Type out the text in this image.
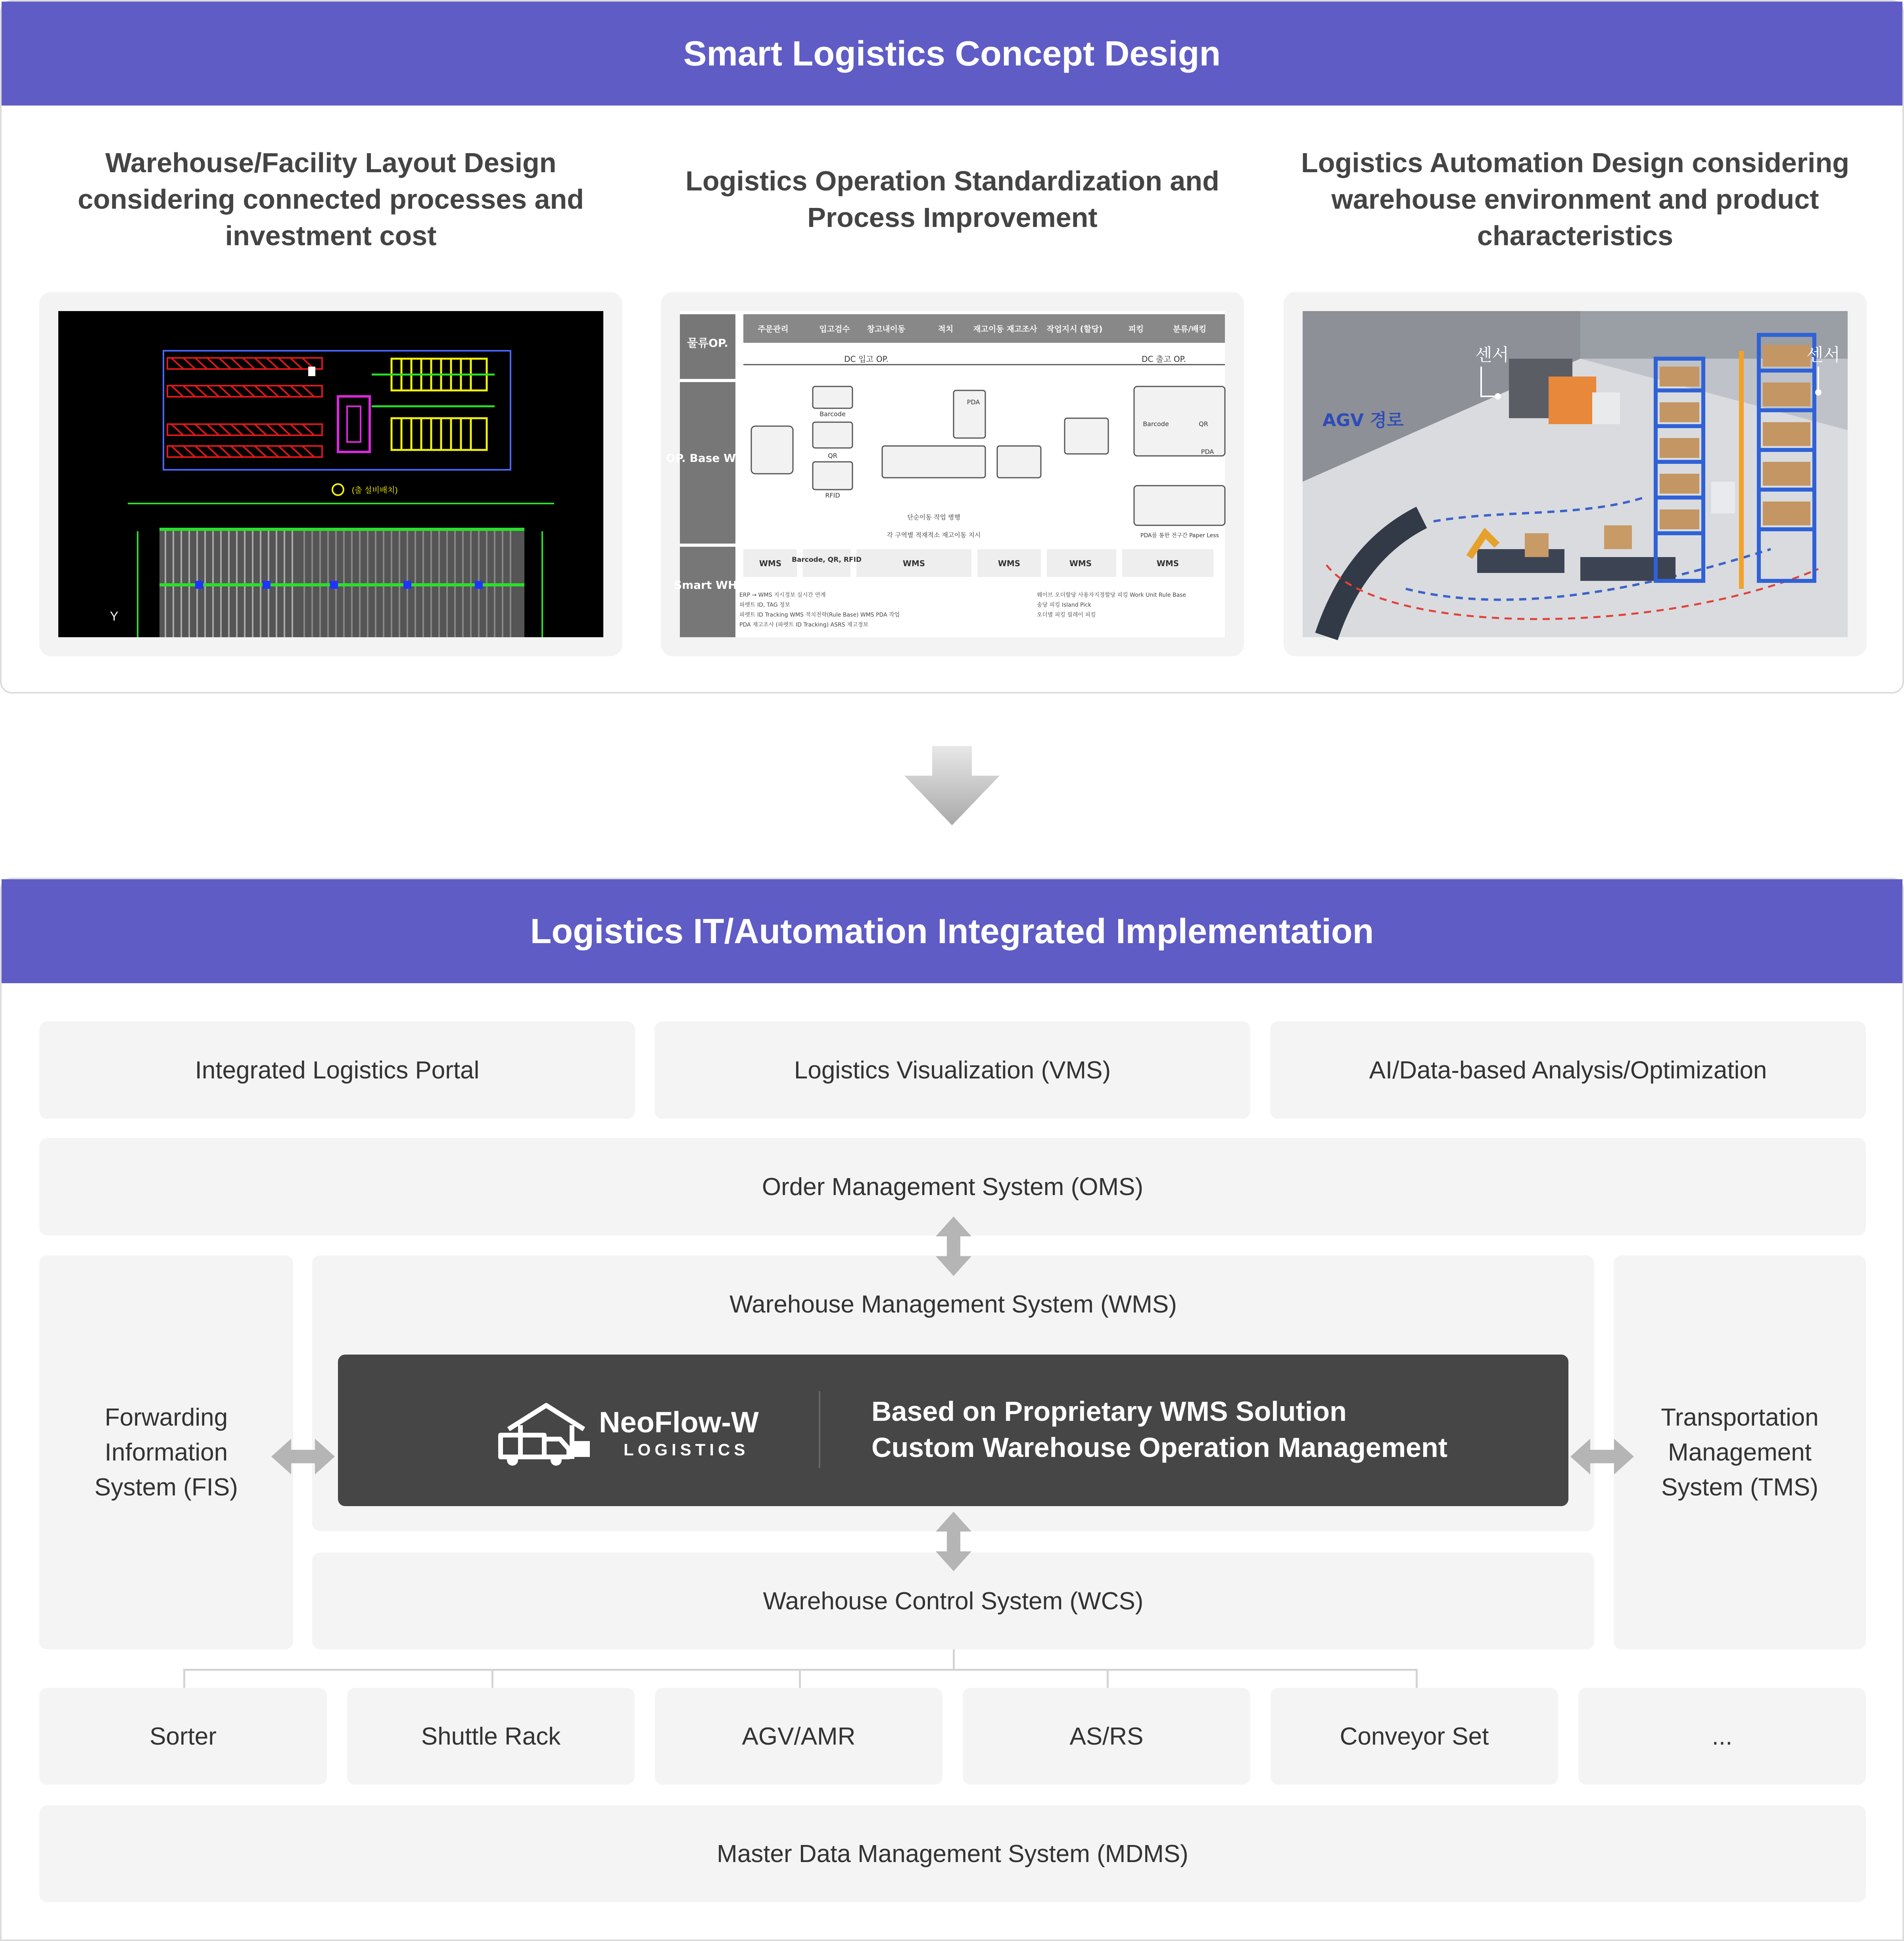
Smart Logistics Concept Design
Warehouse/Facility Layout Design considering connected processes and investment cost
Logistics Operation Standardization and Process Improvement
Logistics Automation Design considering warehouse environment and product characteristics
(출 설비배치)
Y
물류OP.
OP. Base WH.
Smart WH.
주문관리	입고검수 창고내이동	적치 재고이동 재고조사 작업지시 (할당)	피킹	분류/배킹
DC 입고 OP.	DC 출고 OP.
Barcode
QR
RFID
PDA
Barcode	QR
PDA
단순이동 작업 병행
각 구역별 적재적소 재고이동 지시	PDA를 통한 전구간 Paper Less
WMS Barcode, QR, RFID	WMS	WMS	WMS	WMS
ERP → WMS 지시정보 실시간 연계
파렛트 ID, TAG 정보
파렛트 ID Tracking WMS 적치전략(Rule Base) WMS PDA 작업
PDA 재고조사 (파렛트 ID Tracking) ASRS 재고정보
웨이브 오더할당 사용자지정할당 피킹 Work Unit Rule Base
송당 피킹 Island Pick
오더별 피킹 릴레이 피킹
센서	센서
AGV 경로
Logistics IT/Automation Integrated Implementation
Integrated Logistics Portal	Logistics Visualization (VMS)	AI/Data-based Analysis/Optimization
Order Management System (OMS)
Forwarding Information System (FIS)
Warehouse Management System (WMS)
NeoFlow-W
LOGISTICS
Based on Proprietary WMS Solution
Custom Warehouse Operation Management
Warehouse Control System (WCS)
Transportation Management System (TMS)
Sorter	Shuttle Rack	AGV/AMR	AS/RS	Conveyor Set	...
Master Data Management System (MDMS)
